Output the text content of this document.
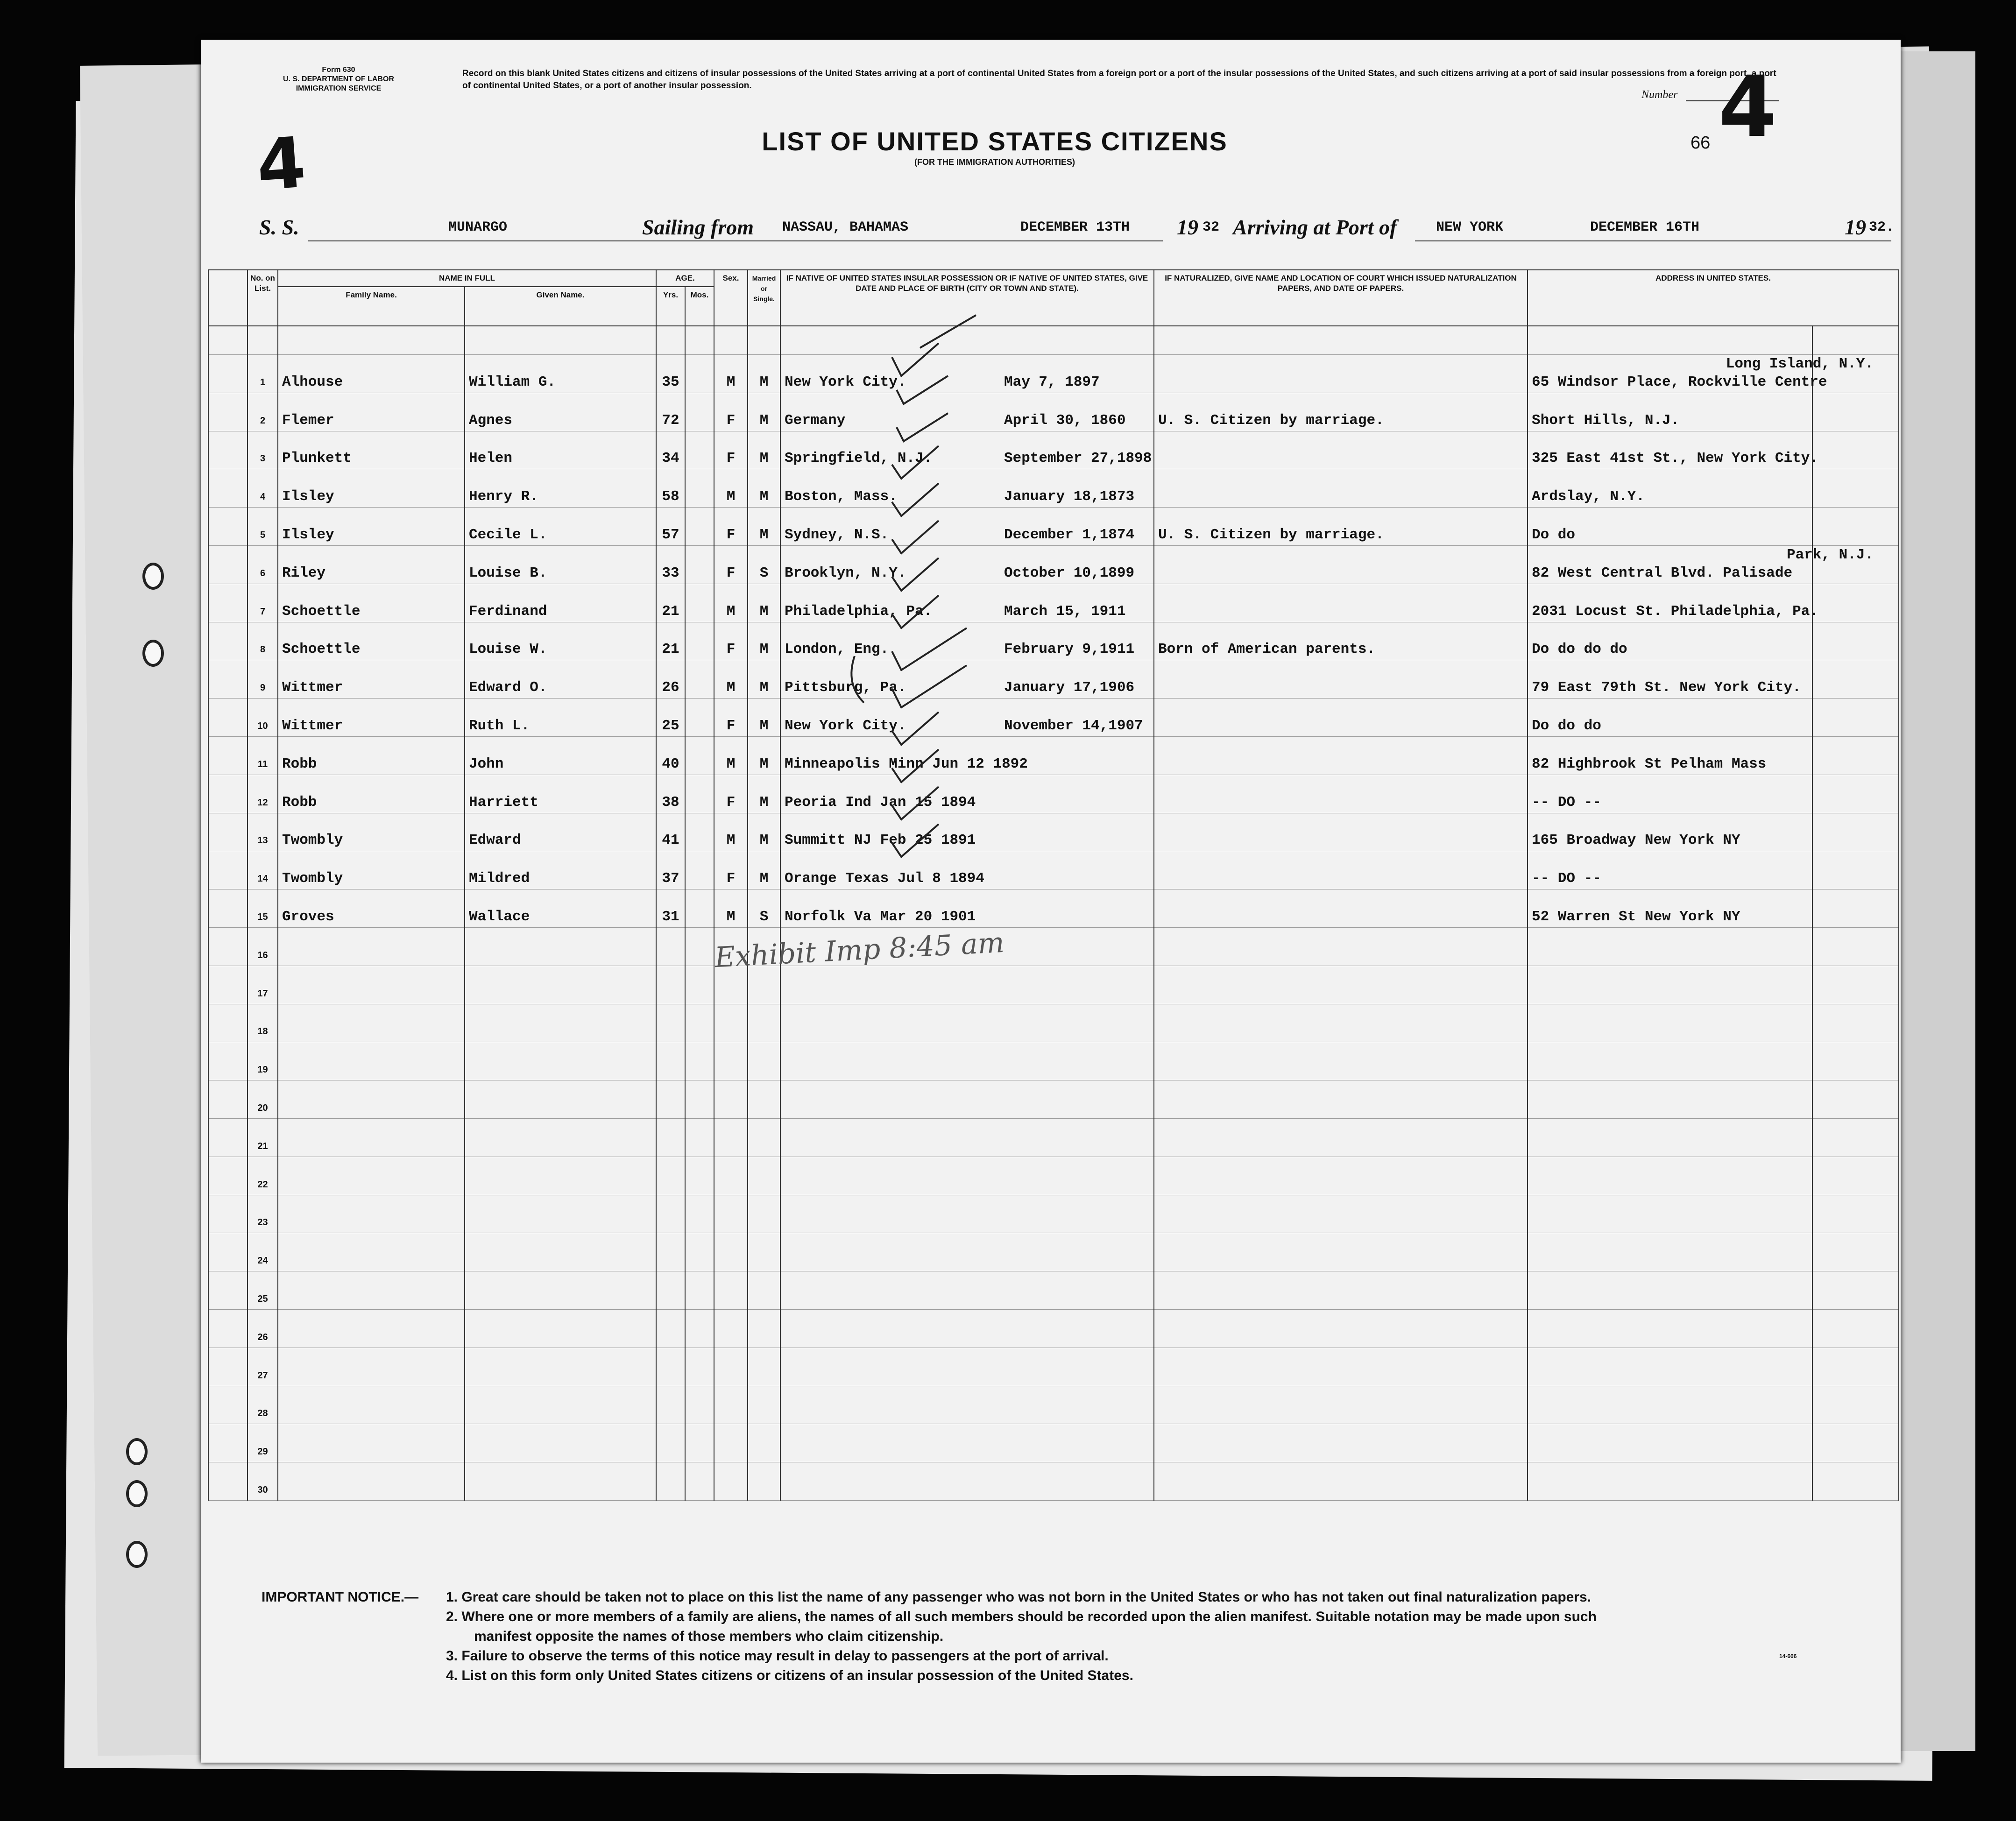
Form 630
U. S. DEPARTMENT OF LABOR
IMMIGRATION SERVICE
4
Record on this blank United States citizens and citizens of insular possessions of the United States arriving at a port of continental United States from a foreign port or a port of the insular possessions of the United States, and such citizens arriving at a port of said insular possessions from a foreign port, a port of continental United States, or a port of another insular possession.
Number 4
66
LIST OF UNITED STATES CITIZENS
(FOR THE IMMIGRATION AUTHORITIES)
S. S.	MUNARGO	Sailing from NASSAU, BAHAMAS	DECEMBER 13TH 19 32 Arriving at Port of	NEW YORK	DECEMBER 16TH	19 32.
	No. on List.	NAME IN FULL		AGE.		Sex.	Married or Single.	IF NATIVE OF UNITED STATES INSULAR POSSESSION OR IF NATIVE OF UNITED STATES, GIVE DATE AND PLACE OF BIRTH (CITY OR TOWN AND STATE).	IF NATURALIZED, GIVE NAME AND LOCATION OF COURT WHICH ISSUED NATURALIZATION PAPERS, AND DATE OF PAPERS.	ADDRESS IN UNITED STATES.	
		Family Name.	Given Name.	Yrs.	Mos.						

	1	Alhouse	William G.	35		M	M	New York City. May 7, 1897		Long Island, N.Y.
65 Windsor Place, Rockville Centre	
	2	Flemer	Agnes	72		F	M	Germany April 30, 1860	U. S. Citizen by marriage.	Short Hills, N.J.	
	3	Plunkett	Helen	34		F	M	Springfield, N.J. September 27,1898		325 East 41st St., New York City.	
	4	Ilsley	Henry R.	58		M	M	Boston, Mass. January 18,1873		Ardslay, N.Y.	
	5	Ilsley	Cecile L.	57		F	M	Sydney, N.S. December 1,1874	U. S. Citizen by marriage.	Do do	
	6	Riley	Louise B.	33		F	S	Brooklyn, N.Y. October 10,1899		Park, N.J.
82 West Central Blvd. Palisade	
	7	Schoettle	Ferdinand	21		M	M	Philadelphia, Pa. March 15, 1911		2031 Locust St. Philadelphia, Pa.	
	8	Schoettle	Louise W.	21		F	M	London, Eng. February 9,1911	Born of American parents.	Do do do do	
	9	Wittmer	Edward O.	26		M	M	Pittsburg, Pa. January 17,1906		79 East 79th St. New York City.	
	10	Wittmer	Ruth L.	25		F	M	New York City. November 14,1907		Do do do	
	11	Robb	John	40		M	M	Minneapolis Minn Jun 12 1892		82 Highbrook St Pelham Mass	
	12	Robb	Harriett	38		F	M	Peoria Ind Jan 15 1894		-- DO --	
	13	Twombly	Edward	41		M	M	Summitt NJ Feb 25 1891		165 Broadway New York NY	
	14	Twombly	Mildred	37		F	M	Orange Texas Jul 8 1894		-- DO --	
	15	Groves	Wallace	31		M	S	Norfolk Va Mar 20 1901		52 Warren St New York NY	
	16										
	17										
	18										
	19										
	20										
	21										
	22										
	23										
	24										
	25										
	26										
	27										
	28										
	29										
	30										
Exhibit Imp 8:45 am
IMPORTANT NOTICE.—	1. Great care should be taken not to place on this list the name of any passenger who was not born in the United States or who has not taken out final naturalization papers.
2. Where one or more members of a family are aliens, the names of all such members should be recorded upon the alien manifest. Suitable notation may be made upon such
manifest opposite the names of those members who claim citizenship.
3. Failure to observe the terms of this notice may result in delay to passengers at the port of arrival.
4. List on this form only United States citizens or citizens of an insular possession of the United States.
14-606
